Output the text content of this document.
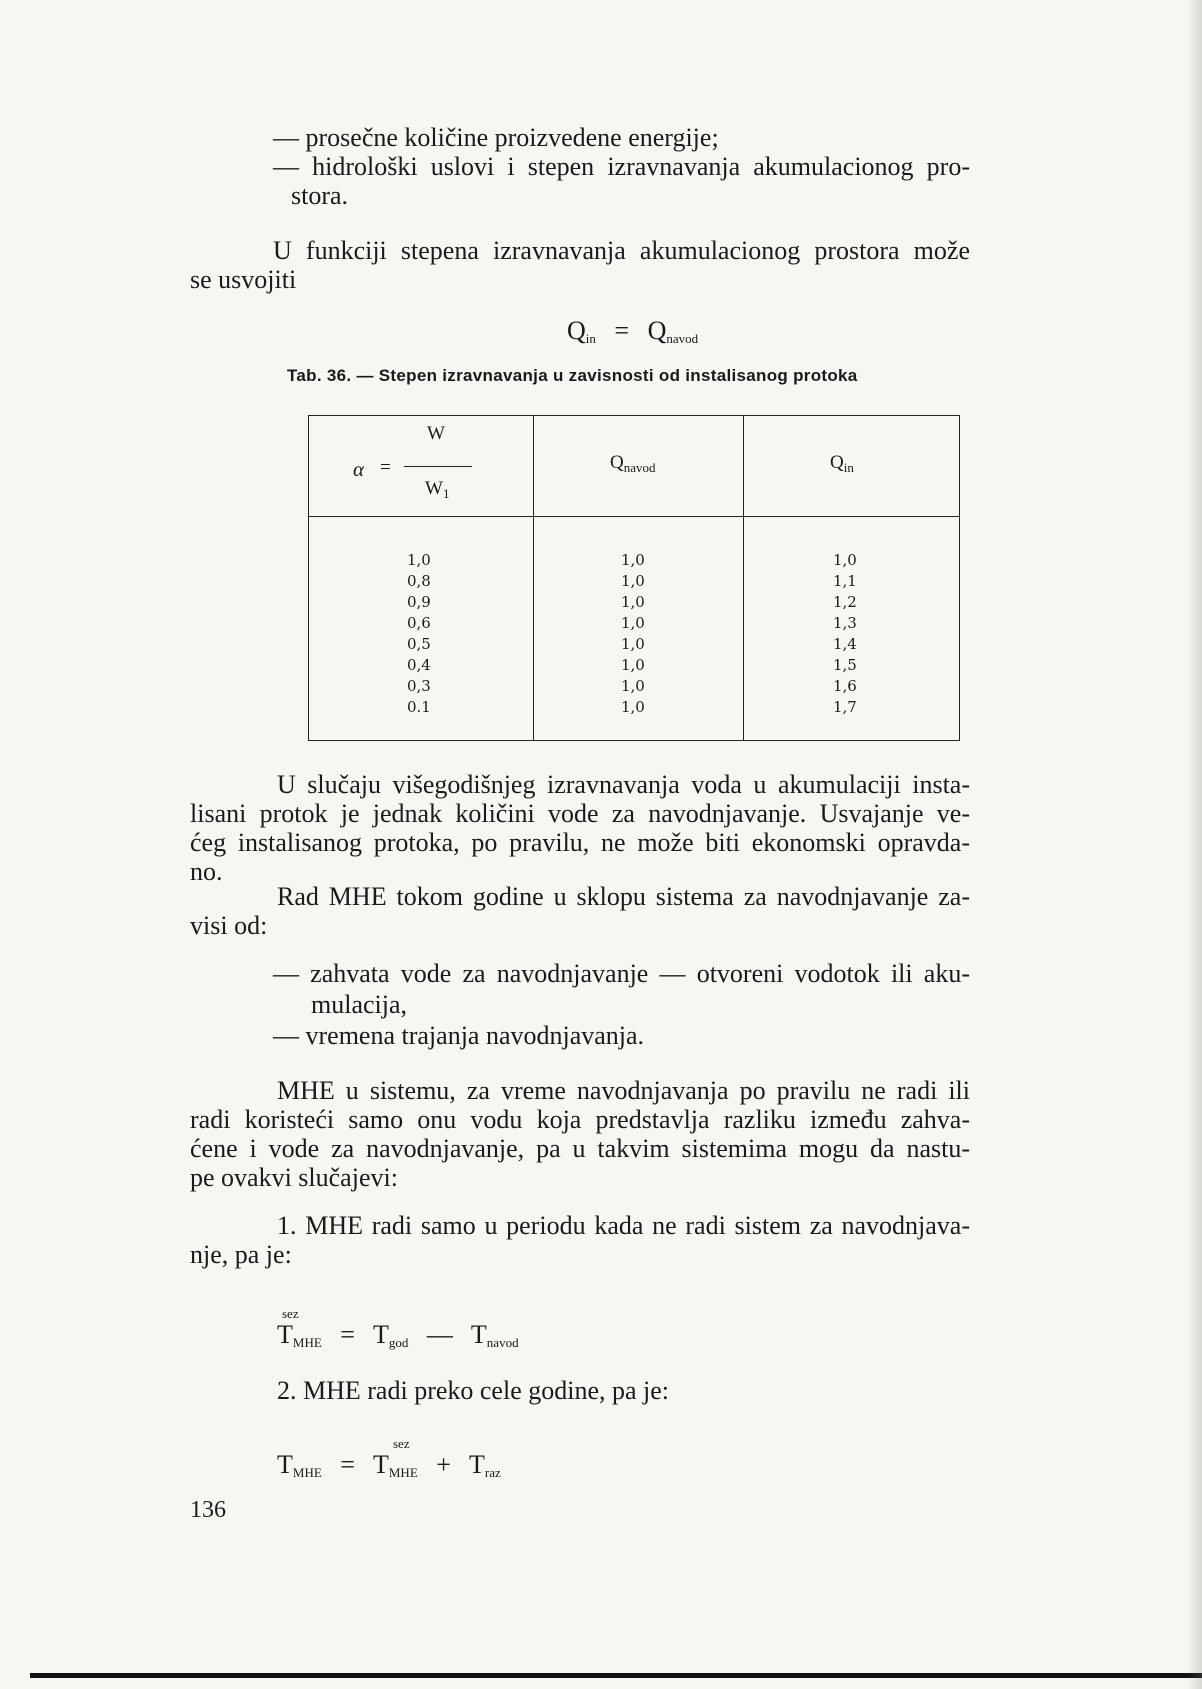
— prosečne količine proizvedene energije;
— hidrološki uslovi i stepen izravnavanja akumulacionog pro-
stora.
U funkciji stepena izravnavanja akumulacionog prostora može
se usvojiti
$Q_{in} = Q_{navod}$
Tab. 36. — Stepen izravnavanja u zavisnosti od instalisanog protoka
α =
W
$W_1$
$Q_{navod}$	$Q_{in}$
1,0
0,8
0,9
0,6
0,5
0,4
0,3
0.1
1,0
1,0
1,0
1,0
1,0
1,0
1,0
1,0
1,0
1,1
1,2
1,3
1,4
1,5
1,6
1,7
U slučaju višegodišnjeg izravnavanja voda u akumulaciji insta-
lisani protok je jednak količini vode za navodnjavanje. Usvajanje ve-
ćeg instalisanog protoka, po pravilu, ne može biti ekonomski opravda-
no.
Rad MHE tokom godine u sklopu sistema za navodnjavanje za-
visi od:
— zahvata vode za navodnjavanje — otvoreni vodotok ili aku-
mulacija,
— vremena trajanja navodnjavanja.
MHE u sistemu, za vreme navodnjavanja po pravilu ne radi ili
radi koristeći samo onu vodu koja predstavlja razliku između zahva-
ćene i vode za navodnjavanje, pa u takvim sistemima mogu da nastu-
pe ovakvi slučajevi:
1. MHE radi samo u periodu kada ne radi sistem za navodnjava-
nje, pa je:
sez
$T_{MHE} = T_{god}$ — $T_{navod}$
2. MHE radi preko cele godine, pa je:
sez
$T_{MHE} = T_{MHE} + T_{raz}$
136
